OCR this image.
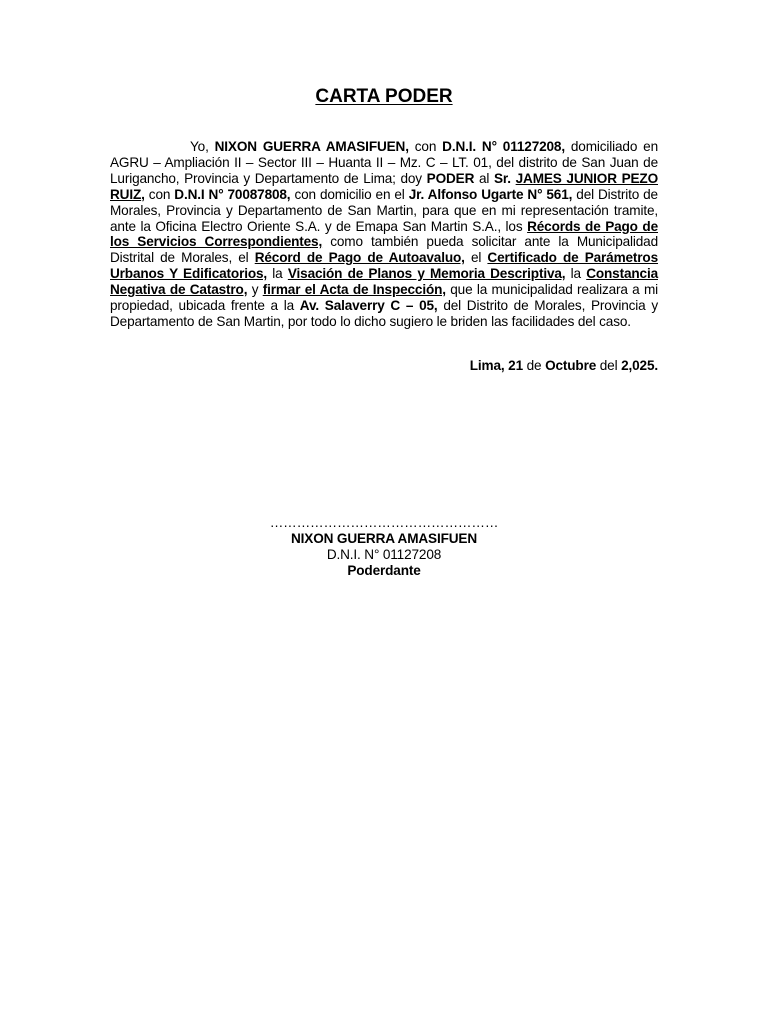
CARTA PODER
Yo, NIXON GUERRA AMASIFUEN, con D.N.I. N° 01127208, domiciliado en AGRU – Ampliación II – Sector III – Huanta II – Mz. C – LT. 01, del distrito de San Juan de Lurigancho, Provincia y Departamento de Lima; doy PODER al Sr. JAMES JUNIOR PEZO RUIZ, con D.N.I N° 70087808, con domicilio en el Jr. Alfonso Ugarte N° 561, del Distrito de Morales, Provincia y Departamento de San Martin, para que en mi representación tramite, ante la Oficina Electro Oriente S.A. y de Emapa San Martin S.A., los Récords de Pago de los Servicios Correspondientes, como también pueda solicitar ante la Municipalidad Distrital de Morales, el Récord de Pago de Autoavaluo, el Certificado de Parámetros Urbanos Y Edificatorios, la Visación de Planos y Memoria Descriptiva, la Constancia Negativa de Catastro, y firmar el Acta de Inspección, que la municipalidad realizara a mi propiedad, ubicada frente a la Av. Salaverry C – 05, del Distrito de Morales, Provincia y Departamento de San Martin, por todo lo dicho sugiero le briden las facilidades del caso.
Lima, 21 de Octubre del 2,025.
……………………………………………
NIXON GUERRA AMASIFUEN
D.N.I. N° 01127208
Poderdante
